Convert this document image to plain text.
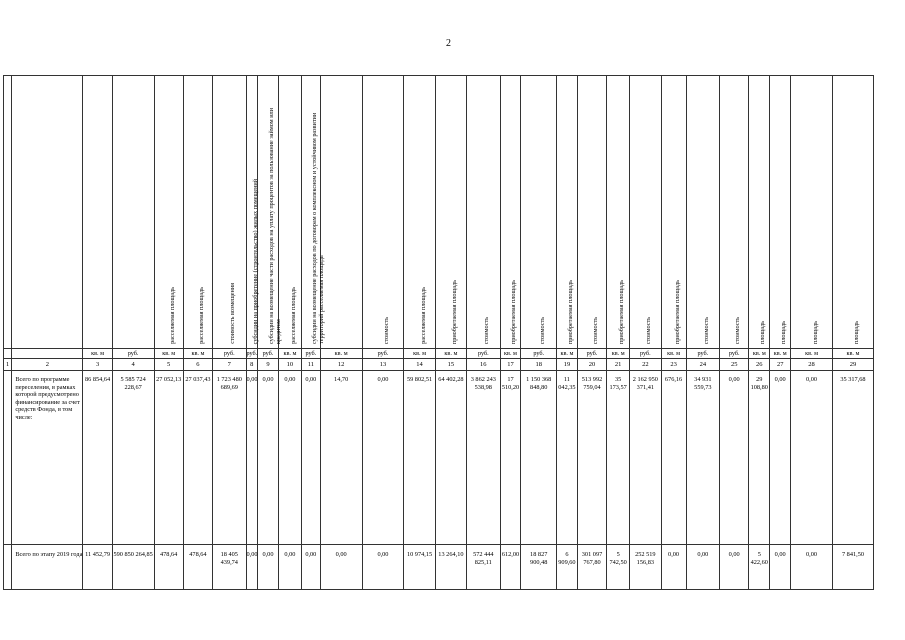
2

				расселяемая площадь	расселяемая площадь	стоимость возмещения	субсидии на приобретение (строительство) жилых помещений	субсидии на возмещение части расходов на уплату процентов за пользование займом или кредитом	расселяемая площадь	субсидии на возмещение расходов по договорам о комплексном и устойчивом развитии территорий расселяемая площадь		стоимость	расселяемая площадь	приобретаемая площадь	стоимость	приобретаемая площадь	стоимость	приобретаемая площадь	стоимость	приобретаемая площадь	стоимость	приобретаемая площадь	стоимость	стоимость	площадь	площадь	площадь	площадь

		кв. м	руб.	кв. м	кв. м	руб.	руб.	руб.	кв. м	руб.	кв. м	руб.	кв. м	кв. м	руб.	кв. м	руб.	кв. м	руб.	кв. м	руб.	кв. м	руб.	руб.	кв. м	кв. м	кв. м	кв. м
1	2	3	4	5	6	7	8	9	10	11	12	13	14	15	16	17	18	19	20	21	22	23	24	25	26	27	28	29
	Всего по программе переселения, в рамках которой предусмотрено финансирование за счет средств Фонда, в том числе:	86 854,64	5 585 724 228,67	27 052,13	27 037,43	1 723 480 689,69	0,00	0,00	0,00	0,00	14,70	0,00	59 802,51	64 402,28	3 862 243 538,98	17 510,20	1 150 368 848,80	11 042,35	513 992 759,04	35 173,57	2 162 950 371,41	676,16	34 931 559,73	0,00	29 108,80	0,00	0,00	35 317,68
	Всего по этапу 2019 года	11 452,79	590 850 264,85	478,64	478,64	18 405 439,74	0,00	0,00	0,00	0,00	0,00	0,00	10 974,15	13 264,10	572 444 825,11	612,00	18 827 900,48	6 909,60	301 097 767,80	5 742,50	252 519 156,83	0,00	0,00	0,00	5 422,60	0,00	0,00	7 841,50
